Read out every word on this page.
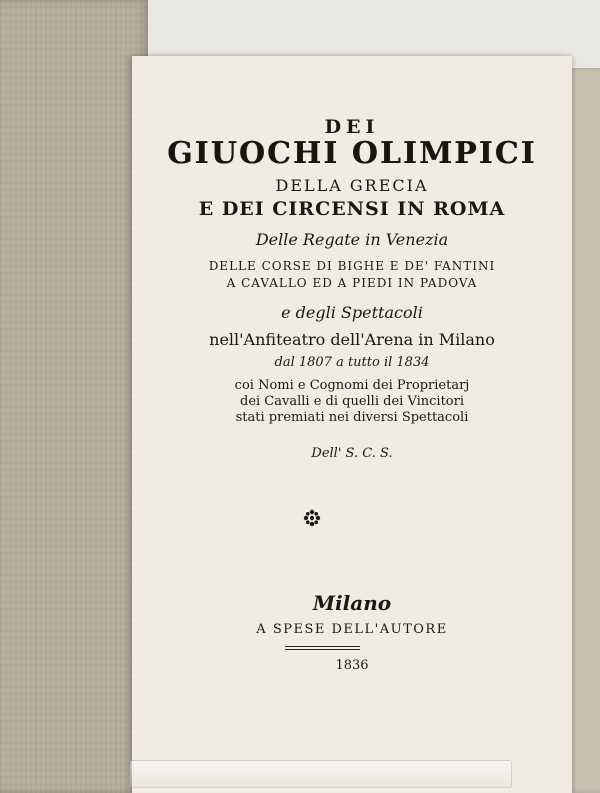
DEI
GIUOCHI OLIMPICI
DELLA GRECIA
E DEI CIRCENSI IN ROMA
Delle Regate in Venezia
DELLE CORSE DI BIGHE E DE' FANTINI
A CAVALLO ED A PIEDI IN PADOVA
e degli Spettacoli
nell'Anfiteatro dell'Arena in Milano
dal 1807 a tutto il 1834
coi Nomi e Cognomi dei Proprietarj
dei Cavalli e di quelli dei Vincitori
stati premiati nei diversi Spettacoli
Dell' S. C. S.
Milano
A SPESE DELL'AUTORE
1836
